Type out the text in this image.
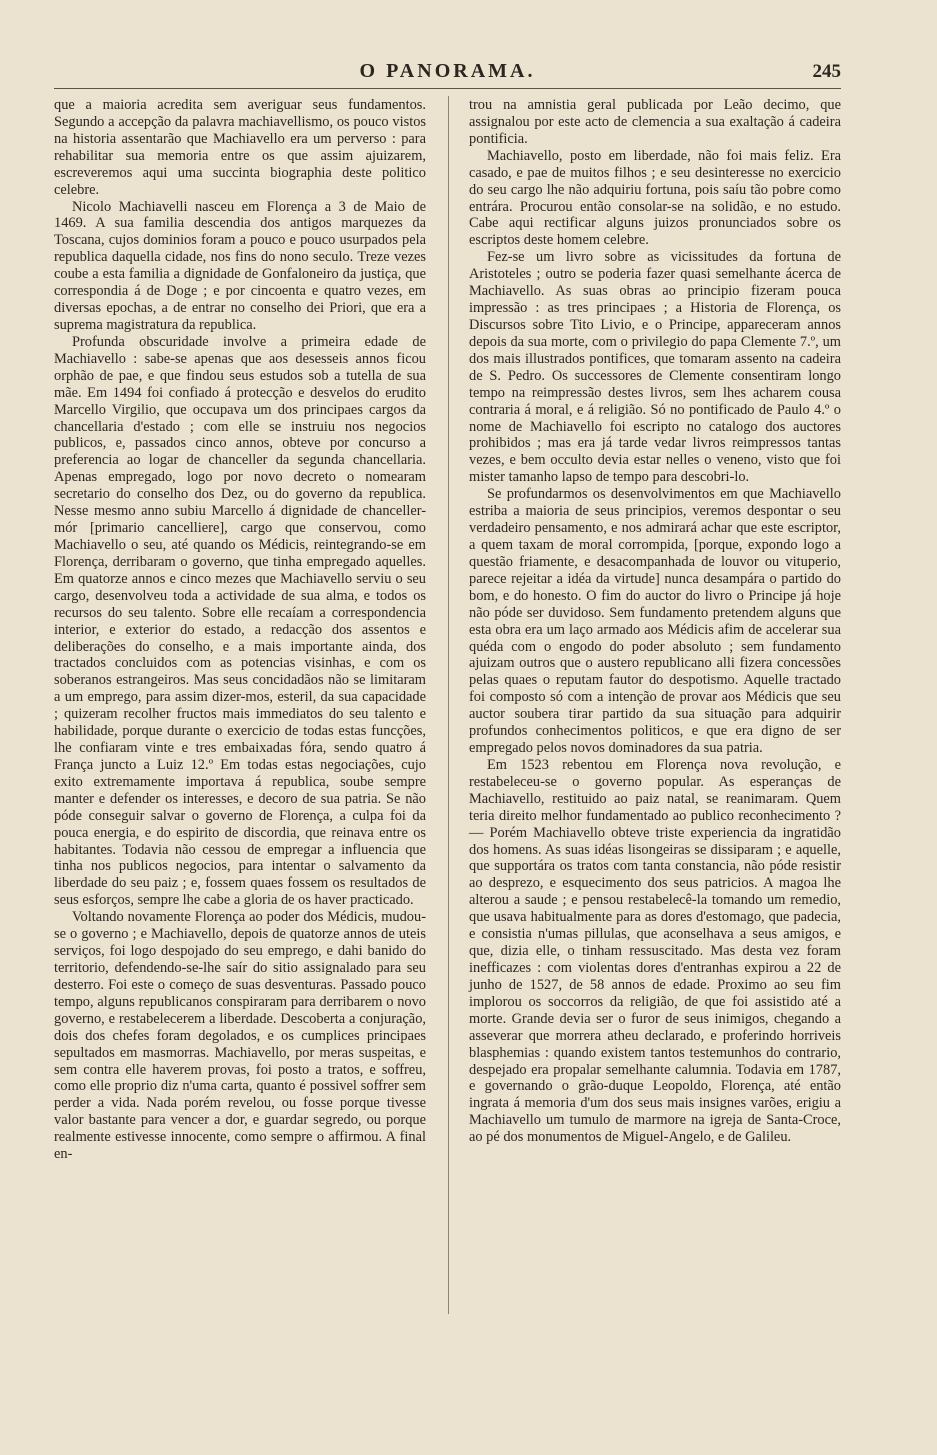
O PANORAMA.	245

que a maioria acredita sem averiguar seus fundamentos. Segundo a accepção da palavra machiavellismo, os pouco vistos na historia assentarão que Machiavello era um perverso : para rehabilitar sua memoria entre os que assim ajuizarem, escreveremos aqui uma succinta biographia deste politico celebre.

Nicolo Machiavelli nasceu em Florença a 3 de Maio de 1469. A sua familia descendia dos antigos marquezes da Toscana, cujos dominios foram a pouco e pouco usurpados pela republica daquella cidade, nos fins do nono seculo. Treze vezes coube a esta familia a dignidade de Gonfaloneiro da justiça, que correspondia á de Doge ; e por cincoenta e quatro vezes, em diversas epochas, a de entrar no conselho dei Priori, que era a suprema magistratura da republica.

Profunda obscuridade involve a primeira edade de Machiavello : sabe-se apenas que aos desesseis annos ficou orphão de pae, e que findou seus estudos sob a tutella de sua mãe. Em 1494 foi confiado á protecção e desvelos do erudito Marcello Virgilio, que occupava um dos principaes cargos da chancellaria d'estado ; com elle se instruiu nos negocios publicos, e, passados cinco annos, obteve por concurso a preferencia ao logar de chanceller da segunda chancellaria. Apenas empregado, logo por novo decreto o nomearam secretario do conselho dos Dez, ou do governo da republica. Nesse mesmo anno subiu Marcello á dignidade de chanceller-mór [primario cancelliere], cargo que conservou, como Machiavello o seu, até quando os Médicis, reintegrando-se em Florença, derribaram o governo, que tinha empregado aquelles. Em quatorze annos e cinco mezes que Machiavello serviu o seu cargo, desenvolveu toda a actividade de sua alma, e todos os recursos do seu talento. Sobre elle recaíam a correspondencia interior, e exterior do estado, a redacção dos assentos e deliberações do conselho, e a mais importante ainda, dos tractados concluidos com as potencias visinhas, e com os soberanos estrangeiros. Mas seus concidadãos não se limitaram a um emprego, para assim dizer-mos, esteril, da sua capacidade ; quizeram recolher fructos mais immediatos do seu talento e habilidade, porque durante o exercicio de todas estas funcções, lhe confiaram vinte e tres embaixadas fóra, sendo quatro á França juncto a Luiz 12.º Em todas estas negociações, cujo exito extremamente importava á republica, soube sempre manter e defender os interesses, e decoro de sua patria. Se não póde conseguir salvar o governo de Florença, a culpa foi da pouca energia, e do espirito de discordia, que reinava entre os habitantes. Todavia não cessou de empregar a influencia que tinha nos publicos negocios, para intentar o salvamento da liberdade do seu paiz ; e, fossem quaes fossem os resultados de seus esforços, sempre lhe cabe a gloria de os haver practicado.

Voltando novamente Florença ao poder dos Médicis, mudou-se o governo ; e Machiavello, depois de quatorze annos de uteis serviços, foi logo despojado do seu emprego, e dahi banido do territorio, defendendo-se-lhe saír do sitio assignalado para seu desterro. Foi este o começo de suas desventuras. Passado pouco tempo, alguns republicanos conspiraram para derribarem o novo governo, e restabelecerem a liberdade. Descoberta a conjuração, dois dos chefes foram degolados, e os cumplices principaes sepultados em masmorras. Machiavello, por meras suspeitas, e sem contra elle haverem provas, foi posto a tratos, e soffreu, como elle proprio diz n'uma carta, quanto é possivel soffrer sem perder a vida. Nada porém revelou, ou fosse porque tivesse valor bastante para vencer a dor, e guardar segredo, ou porque realmente estivesse innocente, como sempre o affirmou. A final en-

trou na amnistia geral publicada por Leão decimo, que assignalou por este acto de clemencia a sua exaltação á cadeira pontificia.

Machiavello, posto em liberdade, não foi mais feliz. Era casado, e pae de muitos filhos ; e seu desinteresse no exercicio do seu cargo lhe não adquiriu fortuna, pois saíu tão pobre como entrára. Procurou então consolar-se na solidão, e no estudo. Cabe aqui rectificar alguns juizos pronunciados sobre os escriptos deste homem celebre.

Fez-se um livro sobre as vicissitudes da fortuna de Aristoteles ; outro se poderia fazer quasi semelhante ácerca de Machiavello. As suas obras ao principio fizeram pouca impressão : as tres principaes ; a Historia de Florença, os Discursos sobre Tito Livio, e o Principe, appareceram annos depois da sua morte, com o privilegio do papa Clemente 7.º, um dos mais illustrados pontifices, que tomaram assento na cadeira de S. Pedro. Os successores de Clemente consentiram longo tempo na reimpressão destes livros, sem lhes acharem cousa contraria á moral, e á religião. Só no pontificado de Paulo 4.º o nome de Machiavello foi escripto no catalogo dos auctores prohibidos ; mas era já tarde vedar livros reimpressos tantas vezes, e bem occulto devia estar nelles o veneno, visto que foi mister tamanho lapso de tempo para descobri-lo.

Se profundarmos os desenvolvimentos em que Machiavello estriba a maioria de seus principios, veremos despontar o seu verdadeiro pensamento, e nos admirará achar que este escriptor, a quem taxam de moral corrompida, [porque, expondo logo a questão friamente, e desacompanhada de louvor ou vituperio, parece rejeitar a idéa da virtude] nunca desampára o partido do bom, e do honesto. O fim do auctor do livro o Principe já hoje não póde ser duvidoso. Sem fundamento pretendem alguns que esta obra era um laço armado aos Médicis afim de accelerar sua quéda com o engodo do poder absoluto ; sem fundamento ajuizam outros que o austero republicano alli fizera concessões pelas quaes o reputam fautor do despotismo. Aquelle tractado foi composto só com a intenção de provar aos Médicis que seu auctor soubera tirar partido da sua situação para adquirir profundos conhecimentos politicos, e que era digno de ser empregado pelos novos dominadores da sua patria.

Em 1523 rebentou em Florença nova revolução, e restabeleceu-se o governo popular. As esperanças de Machiavello, restituido ao paiz natal, se reanimaram. Quem teria direito melhor fundamentado ao publico reconhecimento ? — Porém Machiavello obteve triste experiencia da ingratidão dos homens. As suas idéas lisongeiras se dissiparam ; e aquelle, que supportára os tratos com tanta constancia, não póde resistir ao desprezo, e esquecimento dos seus patricios. A magoa lhe alterou a saude ; e pensou restabelecê-la tomando um remedio, que usava habitualmente para as dores d'estomago, que padecia, e consistia n'umas pillulas, que aconselhava a seus amigos, e que, dizia elle, o tinham ressuscitado. Mas desta vez foram inefficazes : com violentas dores d'entranhas expirou a 22 de junho de 1527, de 58 annos de edade. Proximo ao seu fim implorou os soccorros da religião, de que foi assistido até a morte. Grande devia ser o furor de seus inimigos, chegando a asseverar que morrera atheu declarado, e proferindo horriveis blasphemias : quando existem tantos testemunhos do contrario, despejado era propalar semelhante calumnia. Todavia em 1787, e governando o grão-duque Leopoldo, Florença, até então ingrata á memoria d'um dos seus mais insignes varões, erigiu a Machiavello um tumulo de marmore na igreja de Santa-Croce, ao pé dos monumentos de Miguel-Angelo, e de Galileu.
